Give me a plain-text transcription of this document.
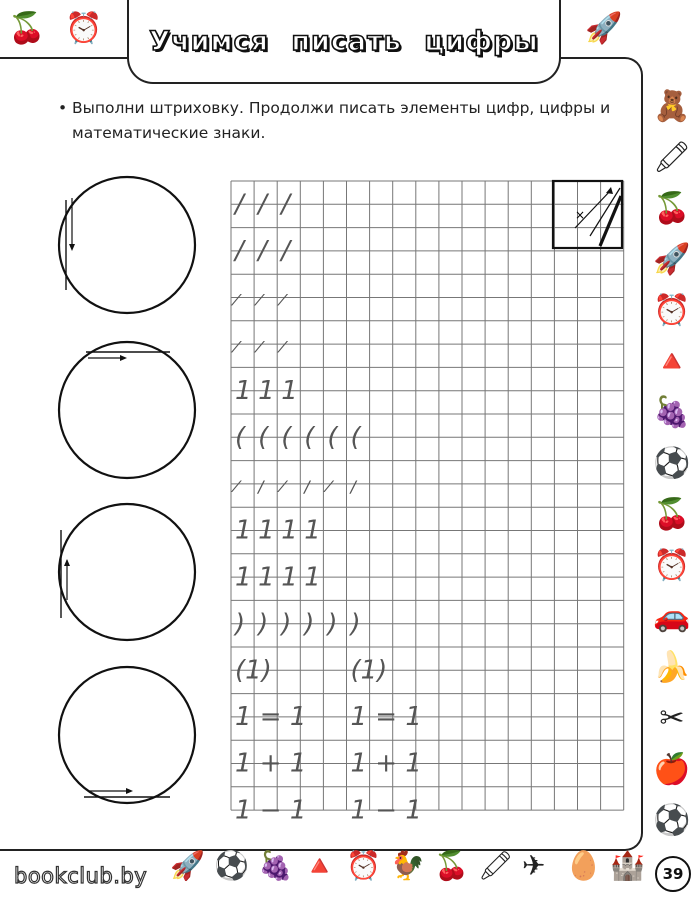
🍒 ⏰	🚀
Учимся писать цифры
• Выполни штриховку. Продолжи писать элементы цифр, цифры и математические знаки.
×
/ / /
/ / /
⁄	⁄	⁄
⁄	⁄	⁄
1 1 1
( ( ( ( ( (
⁄ /	⁄ /	⁄ /
1 1 1 1
1 1 1 1
) ) ) ) ) )
(1)	(1)
1 = 1 1 = 1
1 + 1 1 + 1
1 − 1 1 − 1
🧸
🖍
🍒
🚀
⏰
🔺
🍇
⚽
🍒
⏰
🚗
🍌
✂
🍎
⚽
🚀 ⚽ 🍇 🔺 ⏰ 🐓 🍒 🖍 ✈ 🥚 🏰
bookclub.by	39
